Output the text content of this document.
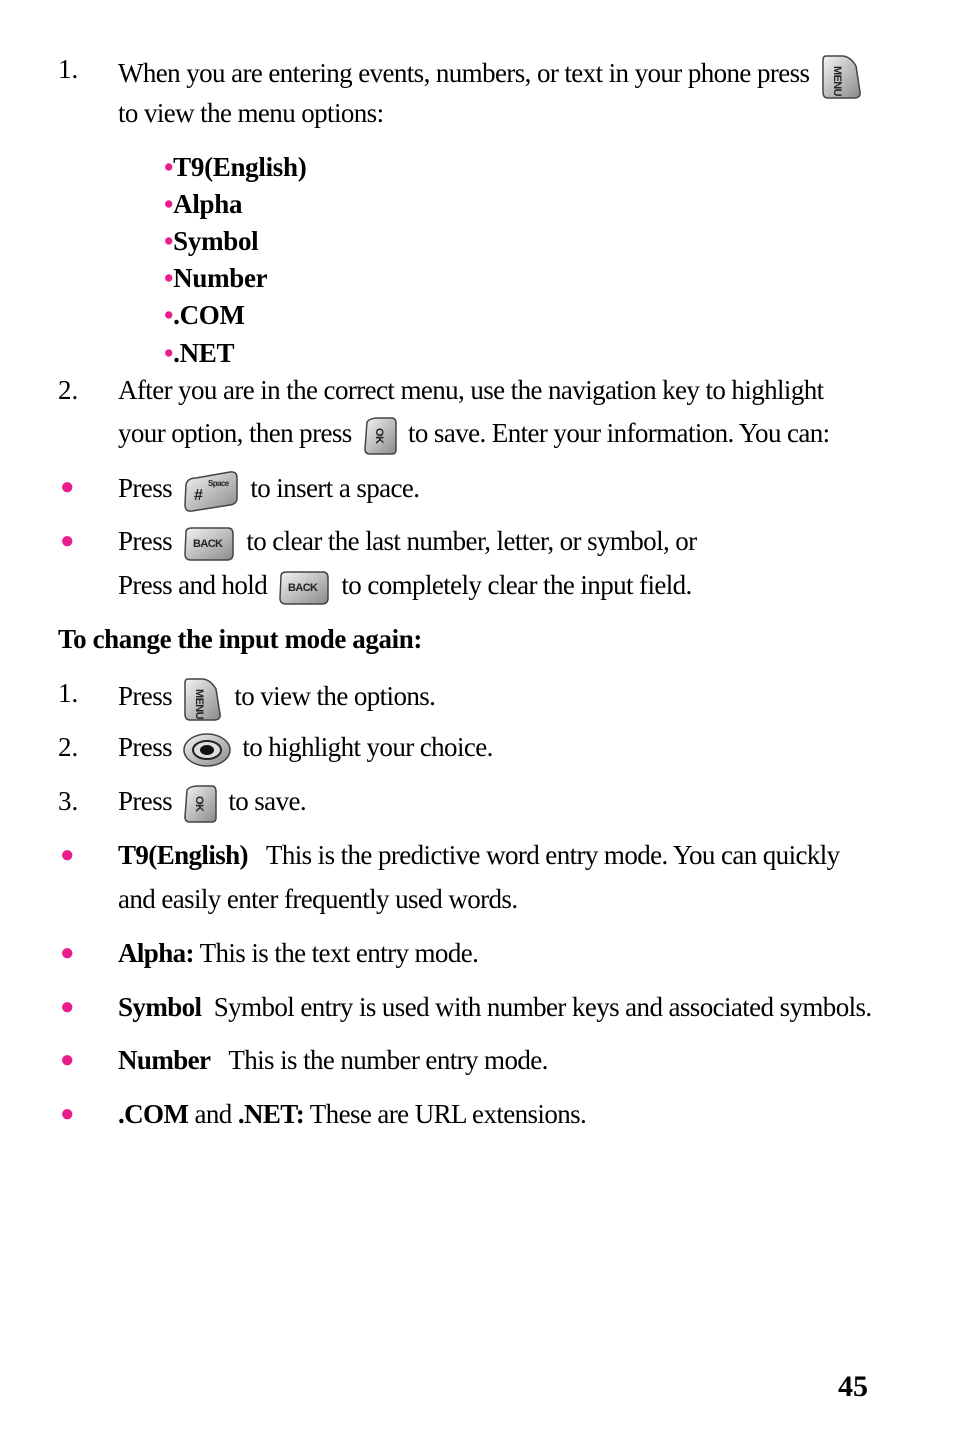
1. When you are entering events, numbers, or text in your phone press MENU
to view the menu options:
•T9(English)
•Alpha
•Symbol
•Number
•.COM
•.NET
2. After you are in the correct menu, use the navigation key to highlight
your option, then press OK to save. Enter your information. You can:
● Press #
Space to insert a space.
● Press BACK to clear the last number, letter, or symbol, or
Press and hold BACK to completely clear the input field.
To change the input mode again:
1. Press MENU to view the options.
2. Press	to highlight your choice.
3. Press OK to save.
● T9(English) This is the predictive word entry mode. You can quickly
and easily enter frequently used words.
● Alpha: This is the text entry mode.
● Symbol Symbol entry is used with number keys and associated symbols.
● Number This is the number entry mode.
● .COM and .NET: These are URL extensions.
45
